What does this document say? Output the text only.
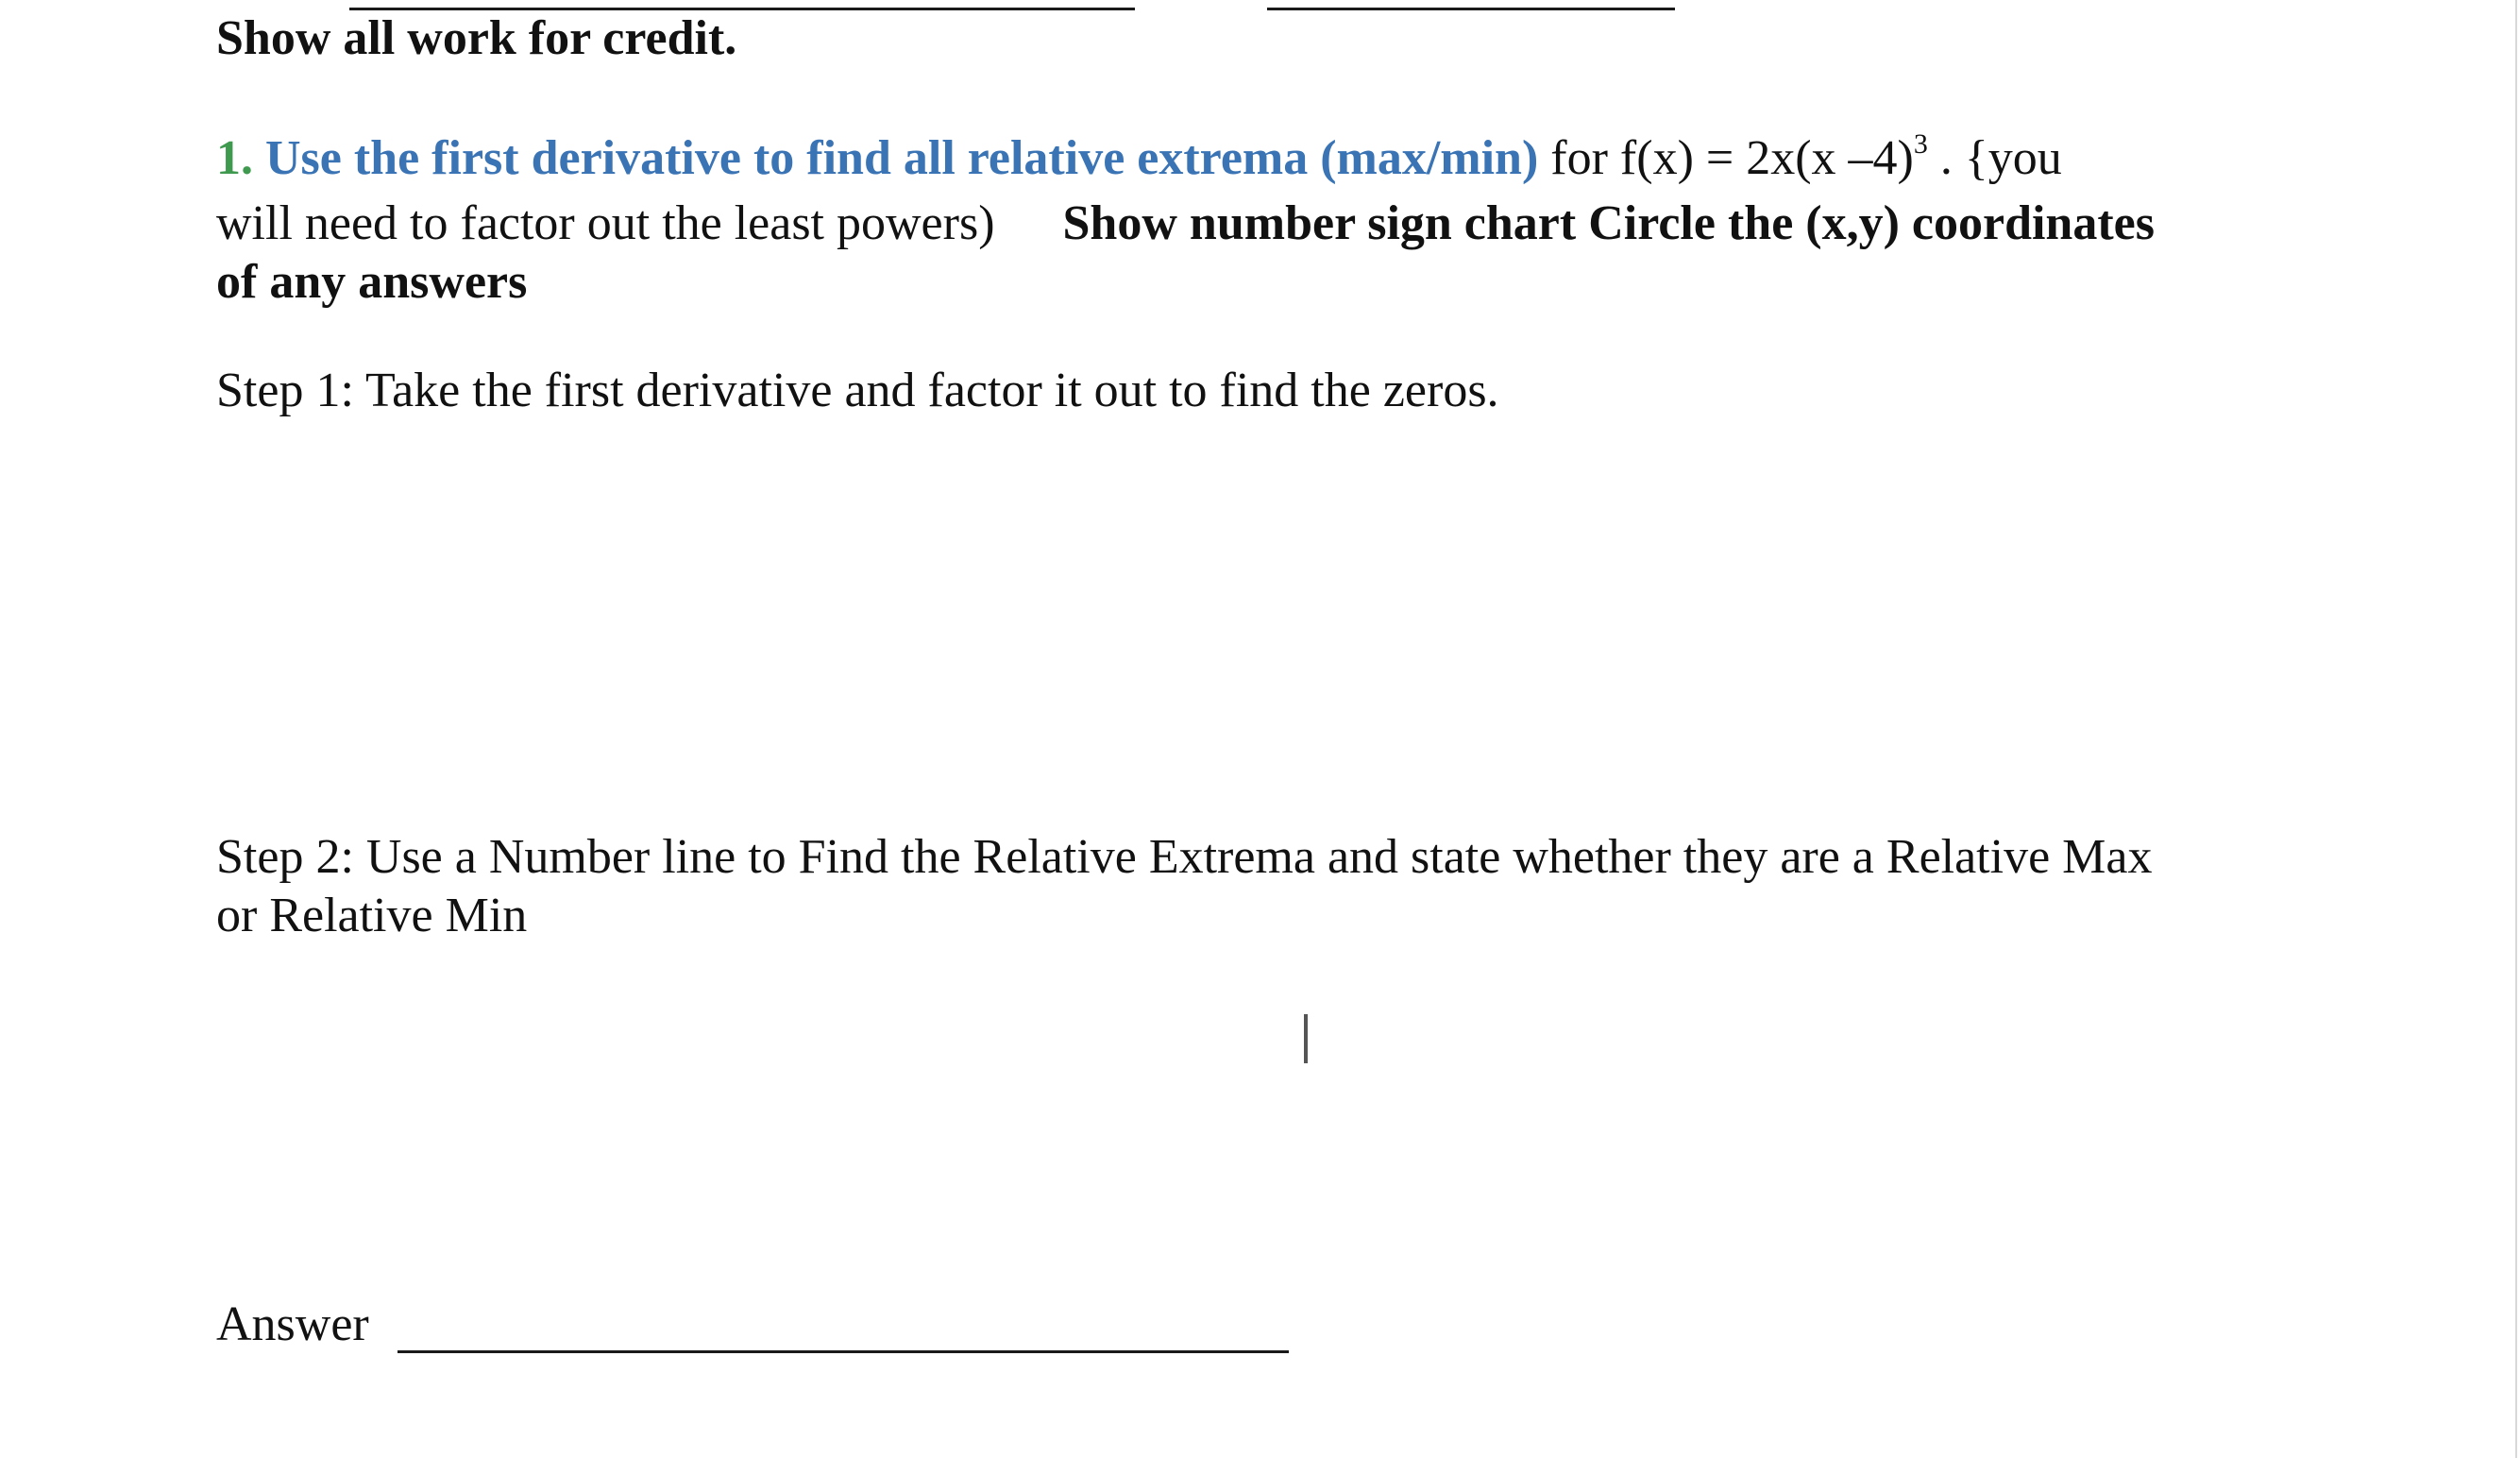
Show all work for credit.
1. Use the first derivative to find all relative extrema (max/min) for f(x) = 2x(x –4)$^3$ . {you
will need to factor out the least powers) Show number sign chart Circle the (x,y) coordinates
of any answers
Step 1: Take the first derivative and factor it out to find the zeros.
Step 2: Use a Number line to Find the Relative Extrema and state whether they are a Relative Max
or Relative Min
Answer
